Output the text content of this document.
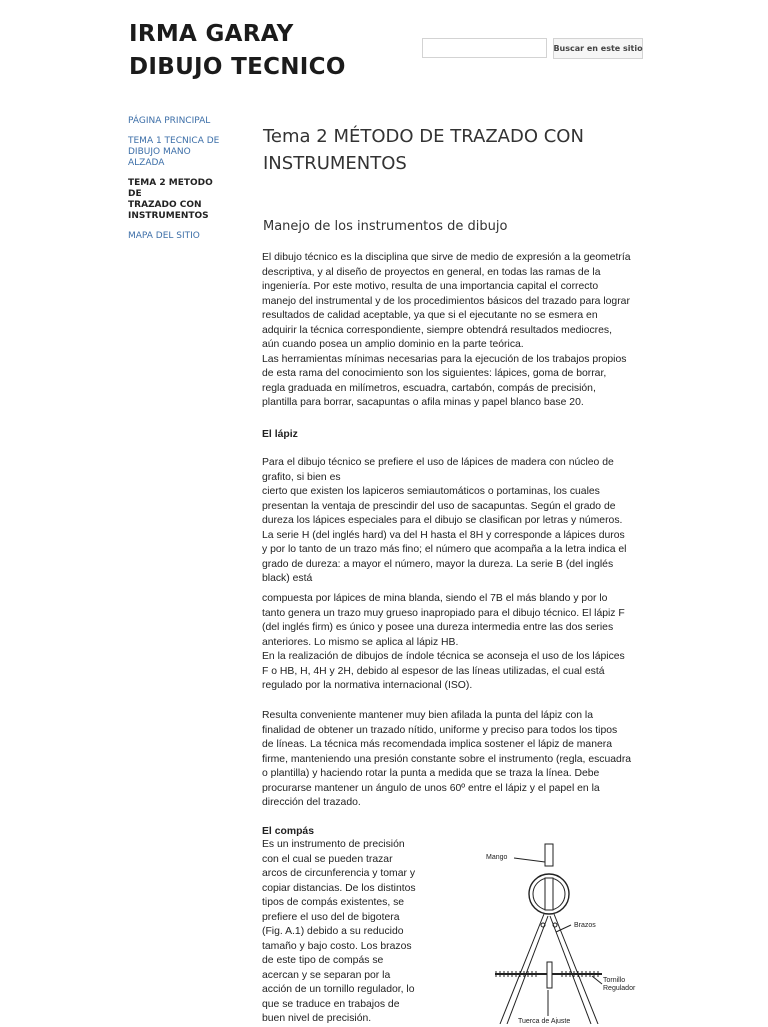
IRMA GARAY
DIBUJO TECNICO
Buscar en este sitio
PÁGINA PRINCIPAL
TEMA 1 TECNICA DE
DIBUJO MANO ALZADA
TEMA 2 METODO DE
TRAZADO CON
INSTRUMENTOS
MAPA DEL SITIO
Tema 2 MÉTODO DE TRAZADO CON
INSTRUMENTOS
Manejo de los instrumentos de dibujo
El dibujo técnico es la disciplina que sirve de medio de expresión a la geometría
descriptiva, y al diseño de proyectos en general, en todas las ramas de la
ingeniería. Por este motivo, resulta de una importancia capital el correcto
manejo del instrumental y de los procedimientos básicos del trazado para lograr
resultados de calidad aceptable, ya que si el ejecutante no se esmera en
adquirir la técnica correspondiente, siempre obtendrá resultados mediocres,
aún cuando posea un amplio dominio en la parte teórica.
Las herramientas mínimas necesarias para la ejecución de los trabajos propios
de esta rama del conocimiento son los siguientes: lápices, goma de borrar,
regla graduada en milímetros, escuadra, cartabón, compás de precisión,
plantilla para borrar, sacapuntas o afila minas y papel blanco base 20.
El lápiz
Para el dibujo técnico se prefiere el uso de lápices de madera con núcleo de
grafito, si bien es
cierto que existen los lapiceros semiautomáticos o portaminas, los cuales
presentan la ventaja de prescindir del uso de sacapuntas. Según el grado de
dureza los lápices especiales para el dibujo se clasifican por letras y números.
La serie H (del inglés hard) va del H hasta el 8H y corresponde a lápices duros
y por lo tanto de un trazo más fino; el número que acompaña a la letra indica el
grado de dureza: a mayor el número, mayor la dureza. La serie B (del inglés
black) está
compuesta por lápices de mina blanda, siendo el 7B el más blando y por lo
tanto genera un trazo muy grueso inapropiado para el dibujo técnico. El lápiz F
(del inglés firm) es único y posee una dureza intermedia entre las dos series
anteriores. Lo mismo se aplica al lápiz HB.
En la realización de dibujos de índole técnica se aconseja el uso de los lápices
F o HB, H, 4H y 2H, debido al espesor de las líneas utilizadas, el cual está
regulado por la normativa internacional (ISO).
Resulta conveniente mantener muy bien afilada la punta del lápiz con la
finalidad de obtener un trazado nítido, uniforme y preciso para todos los tipos
de líneas. La técnica más recomendada implica sostener el lápiz de manera
firme, manteniendo una presión constante sobre el instrumento (regla, escuadra
o plantilla) y haciendo rotar la punta a medida que se traza la línea. Debe
procurarse mantener un ángulo de unos 60º entre el lápiz y el papel en la
dirección del trazado.
El compás
Es un instrumento de precisión
con el cual se pueden trazar
arcos de circunferencia y tomar y
copiar distancias. De los distintos
tipos de compás existentes, se
prefiere el uso del de bigotera
(Fig. A.1) debido a su reducido
tamaño y bajo costo. Los brazos
de este tipo de compás se
acercan y se separan por la
acción de un tornillo regulador, lo
que se traduce en trabajos de
buen nivel de precisión.
Mango
Brazos
Tornillo
Regulador
Tuerca de Ajuste
